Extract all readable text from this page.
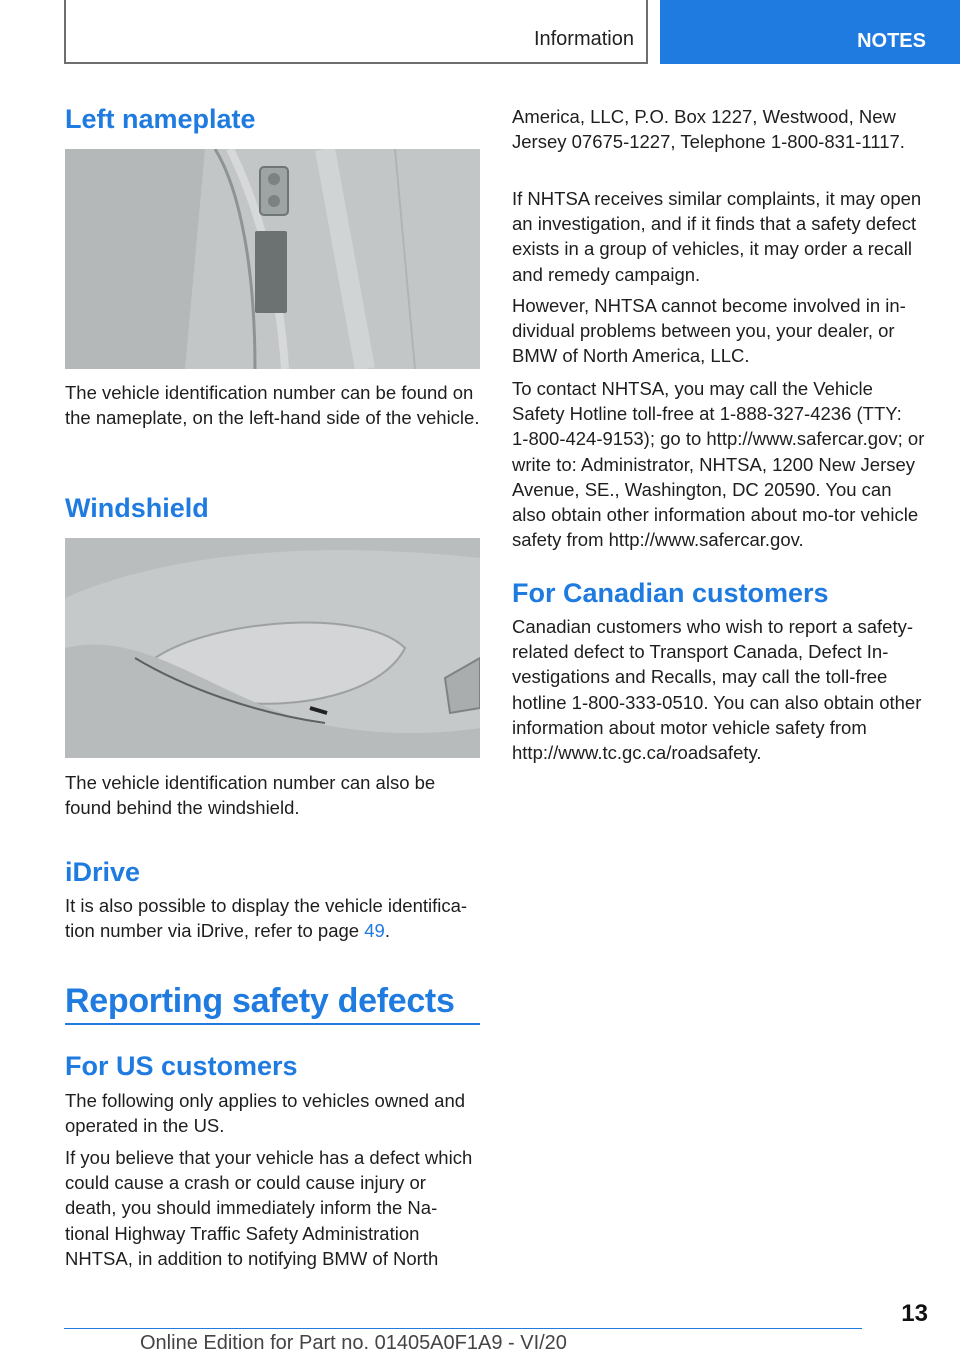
Information	NOTES
Left nameplate

The vehicle identification number can be found on the nameplate, on the left-hand side of the vehicle.

Windshield

The vehicle identification number can also be found behind the windshield.

iDrive

It is also possible to display the vehicle identifica‐tion number via iDrive, refer to page 49.

Reporting safety defects
For US customers

The following only applies to vehicles owned and operated in the US.

If you believe that your vehicle has a defect which could cause a crash or could cause injury or death, you should immediately inform the Na‐tional Highway Traffic Safety Administration NHTSA, in addition to notifying BMW of North

America, LLC, P.O. Box 1227, Westwood, New Jersey 07675‑1227, Telephone 1‑800‑831‑1117.

If NHTSA receives similar complaints, it may open an investigation, and if it finds that a safety defect exists in a group of vehicles, it may order a recall and remedy campaign.

However, NHTSA cannot become involved in in‐dividual problems between you, your dealer, or BMW of North America, LLC.

To contact NHTSA, you may call the Vehicle Safety Hotline toll‑free at 1‑888‑327‑4236 (TTY: 1‑800‑424‑9153); go to http://www.safercar.gov; or write to: Administrator, NHTSA, 1200 New Jersey Avenue, SE., Washington, DC 20590. You can also obtain other information about mo‐tor vehicle safety from http://www.safercar.gov.

For Canadian customers

Canadian customers who wish to report a safety-related defect to Transport Canada, Defect In‐vestigations and Recalls, may call the toll‑free hotline 1‑800‑333‑0510. You can also obtain other information about motor vehicle safety from http://www.tc.gc.ca/roadsafety.

13
Online Edition for Part no. 01405A0F1A9 - VI/20
